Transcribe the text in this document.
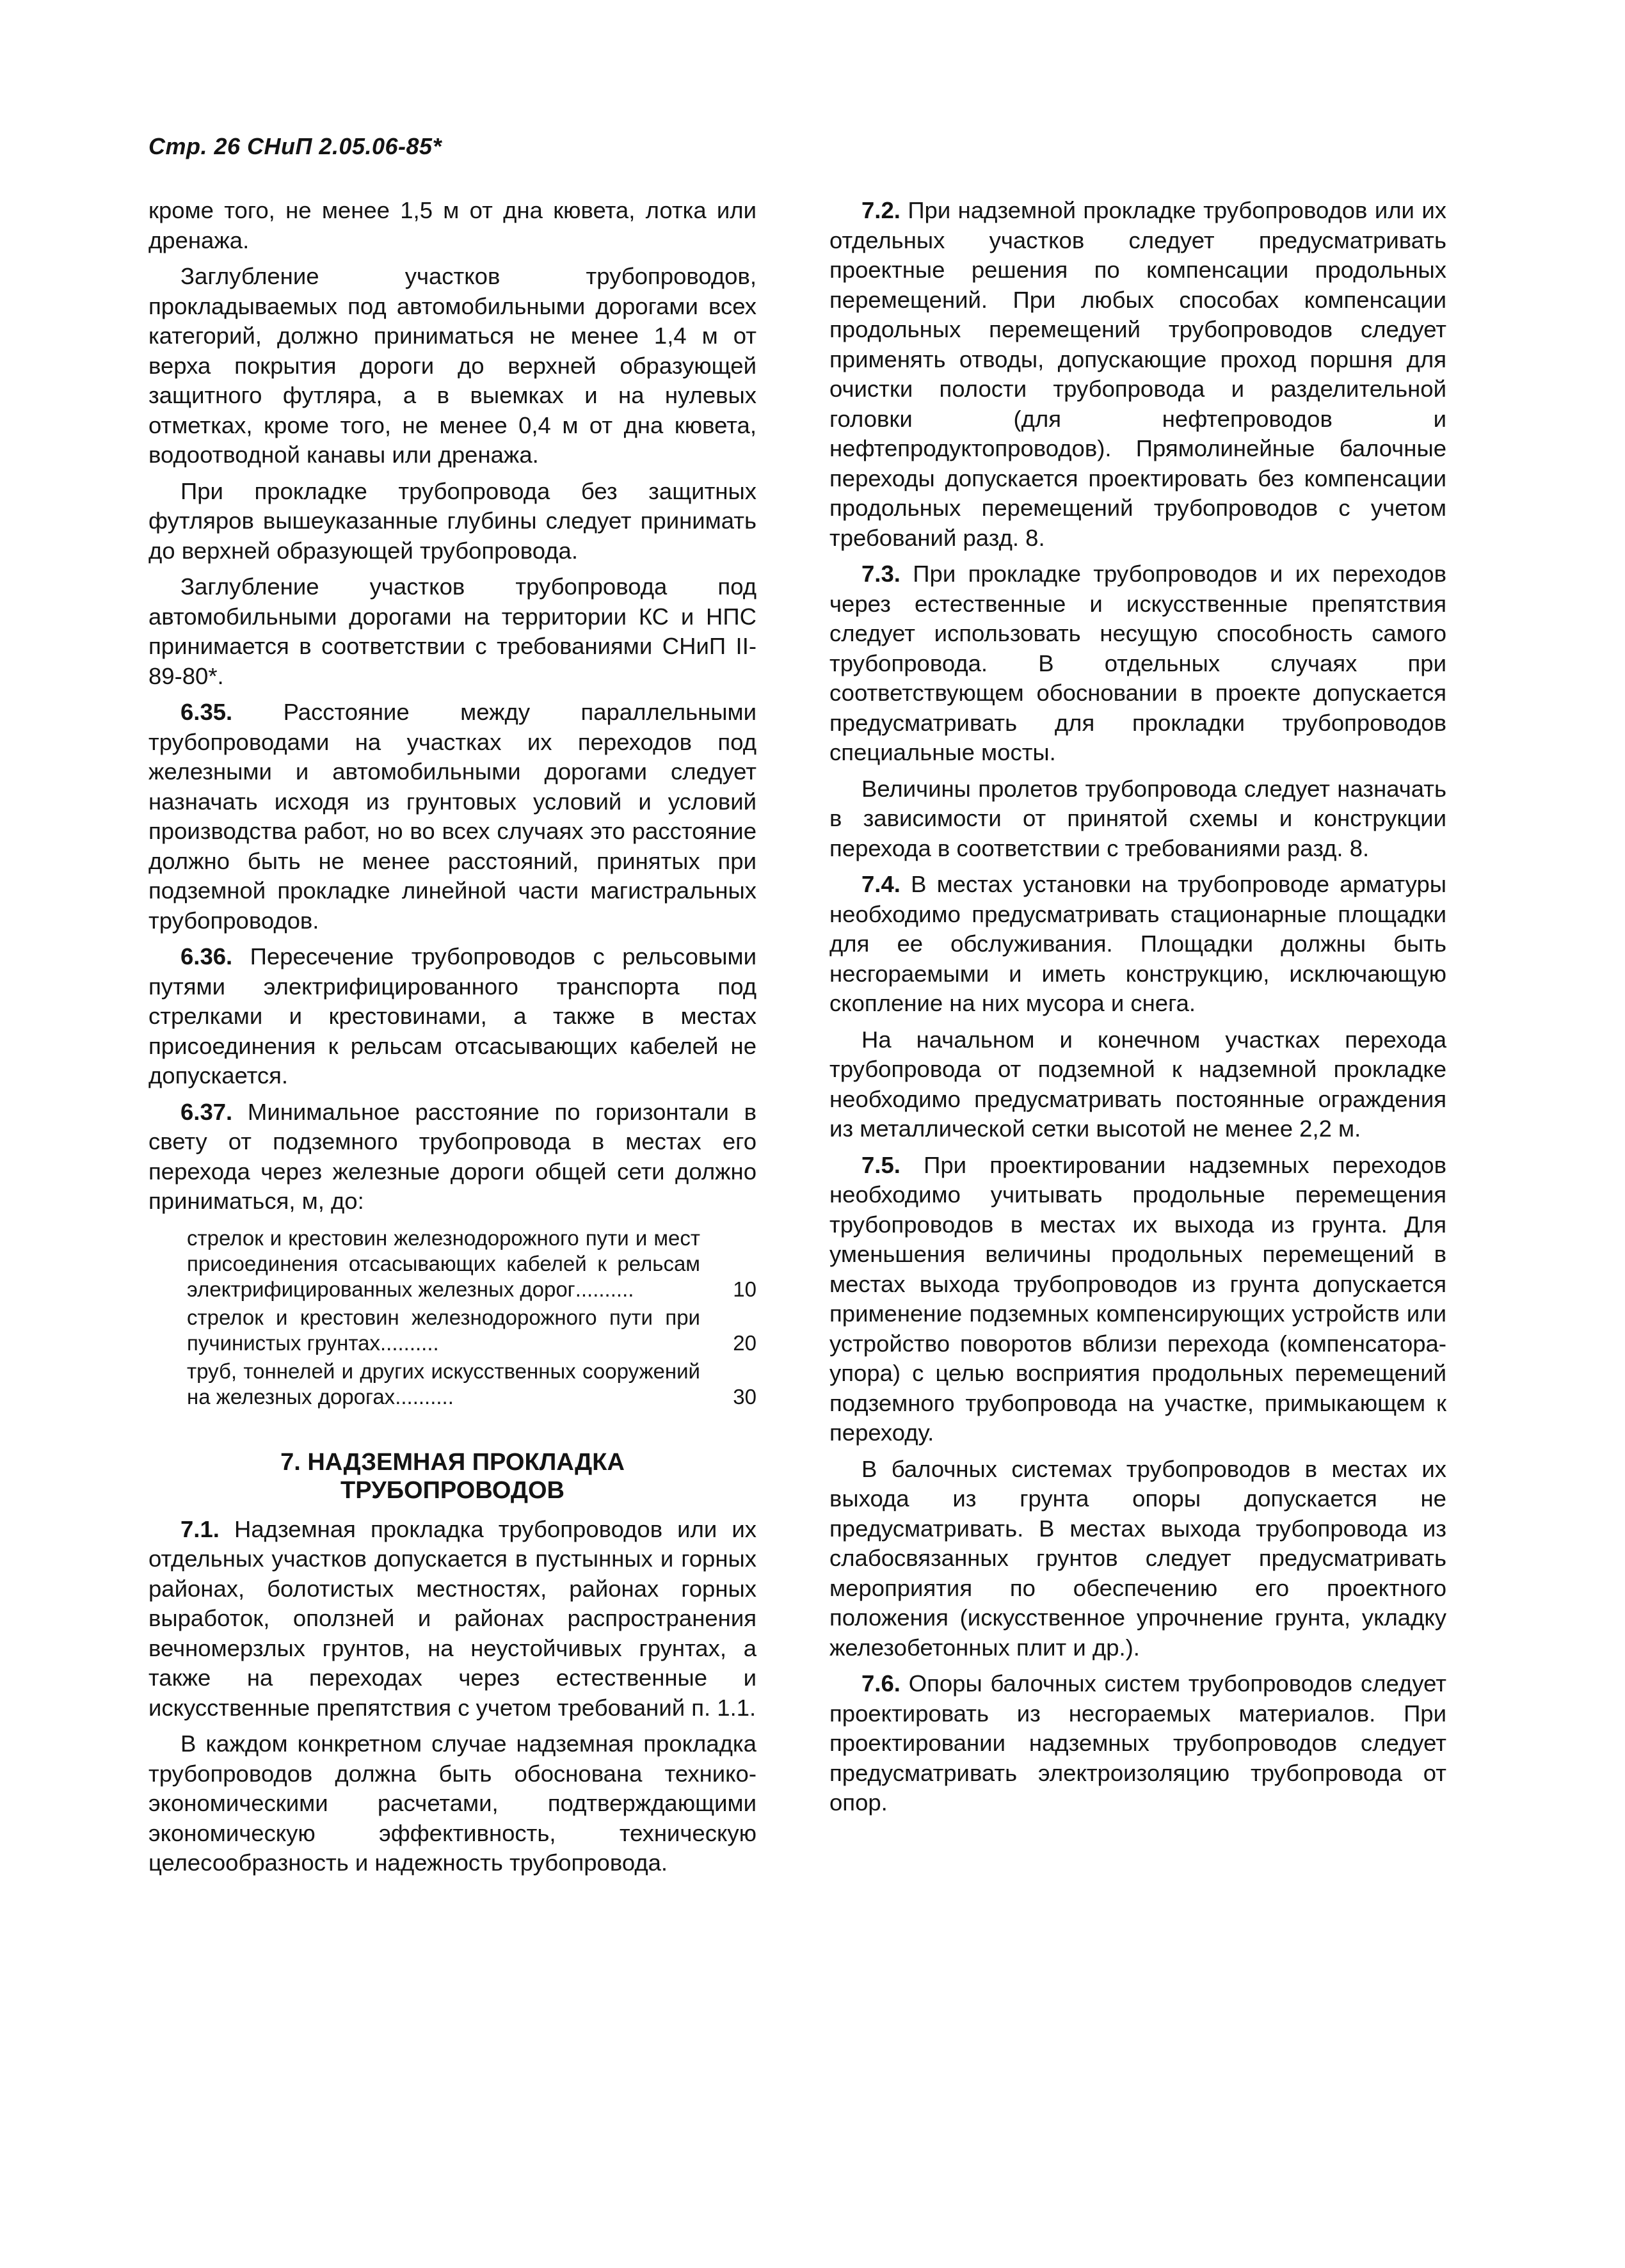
Стр. 26 СНиП 2.05.06-85*

кроме того, не менее 1,5 м от дна кювета, лотка или дренажа.

Заглубление участков трубопроводов, прокладываемых под автомобильными дорогами всех категорий, должно приниматься не менее 1,4 м от верха покрытия дороги до верхней образующей защитного футляра, а в выемках и на нулевых отметках, кроме того, не менее 0,4 м от дна кювета, водоотводной канавы или дренажа.

При прокладке трубопровода без защитных футляров вышеуказанные глубины следует принимать до верхней образующей трубопровода.

Заглубление участков трубопровода под автомобильными дорогами на территории КС и НПС принимается в соответствии с требованиями СНиП II-89-80*.

6.35. Расстояние между параллельными трубопроводами на участках их переходов под железными и автомобильными дорогами следует назначать исходя из грунтовых условий и условий производства работ, но во всех случаях это расстояние должно быть не менее расстояний, принятых при подземной прокладке линейной части магистральных трубопроводов.

6.36. Пересечение трубопроводов с рельсовыми путями электрифицированного транспорта под стрелками и крестовинами, а также в местах присоединения к рельсам отсасывающих кабелей не допускается.

6.37. Минимальное расстояние по горизонтали в свету от подземного трубопровода в местах его перехода через железные дороги общей сети должно приниматься, м, до:

стрелок и крестовин железнодорожного пути и мест присоединения отсасывающих кабелей к рельсам электрифицированных железных дорог..........	10
стрелок и крестовин железнодорожного пути при пучинистых грунтах..........	20
труб, тоннелей и других искусственных сооружений на железных дорогах..........	30
7. НАДЗЕМНАЯ ПРОКЛАДКА
ТРУБОПРОВОДОВ

7.1. Надземная прокладка трубопроводов или их отдельных участков допускается в пустынных и горных районах, болотистых местностях, районах горных выработок, оползней и районах распространения вечномерзлых грунтов, на неустойчивых грунтах, а также на переходах через естественные и искусственные препятствия с учетом требований п. 1.1.

В каждом конкретном случае надземная прокладка трубопроводов должна быть обоснована технико-экономическими расчетами, подтверждающими экономическую эффективность, техническую целесообразность и надежность трубопровода.

7.2. При надземной прокладке трубопроводов или их отдельных участков следует предусматривать проектные решения по компенсации продольных перемещений. При любых способах компенсации продольных перемещений трубопроводов следует применять отводы, допускающие проход поршня для очистки полости трубопровода и разделительной головки (для нефтепроводов и нефтепродуктопроводов). Прямолинейные балочные переходы допускается проектировать без компенсации продольных перемещений трубопроводов с учетом требований разд. 8.

7.3. При прокладке трубопроводов и их переходов через естественные и искусственные препятствия следует использовать несущую способность самого трубопровода. В отдельных случаях при соответствующем обосновании в проекте допускается предусматривать для прокладки трубопроводов специальные мосты.

Величины пролетов трубопровода следует назначать в зависимости от принятой схемы и конструкции перехода в соответствии с требованиями разд. 8.

7.4. В местах установки на трубопроводе арматуры необходимо предусматривать стационарные площадки для ее обслуживания. Площадки должны быть несгораемыми и иметь конструкцию, исключающую скопление на них мусора и снега.

На начальном и конечном участках перехода трубопровода от подземной к надземной прокладке необходимо предусматривать постоянные ограждения из металлической сетки высотой не менее 2,2 м.

7.5. При проектировании надземных переходов необходимо учитывать продольные перемещения трубопроводов в местах их выхода из грунта. Для уменьшения величины продольных перемещений в местах выхода трубопроводов из грунта допускается применение подземных компенсирующих устройств или устройство поворотов вблизи перехода (компенсатора-упора) с целью восприятия продольных перемещений подземного трубопровода на участке, примыкающем к переходу.

В балочных системах трубопроводов в местах их выхода из грунта опоры допускается не предусматривать. В местах выхода трубопровода из слабосвязанных грунтов следует предусматривать мероприятия по обеспечению его проектного положения (искусственное упрочнение грунта, укладку железобетонных плит и др.).

7.6. Опоры балочных систем трубопроводов следует проектировать из несгораемых материалов. При проектировании надземных трубопроводов следует предусматривать электроизоляцию трубопровода от опор.
